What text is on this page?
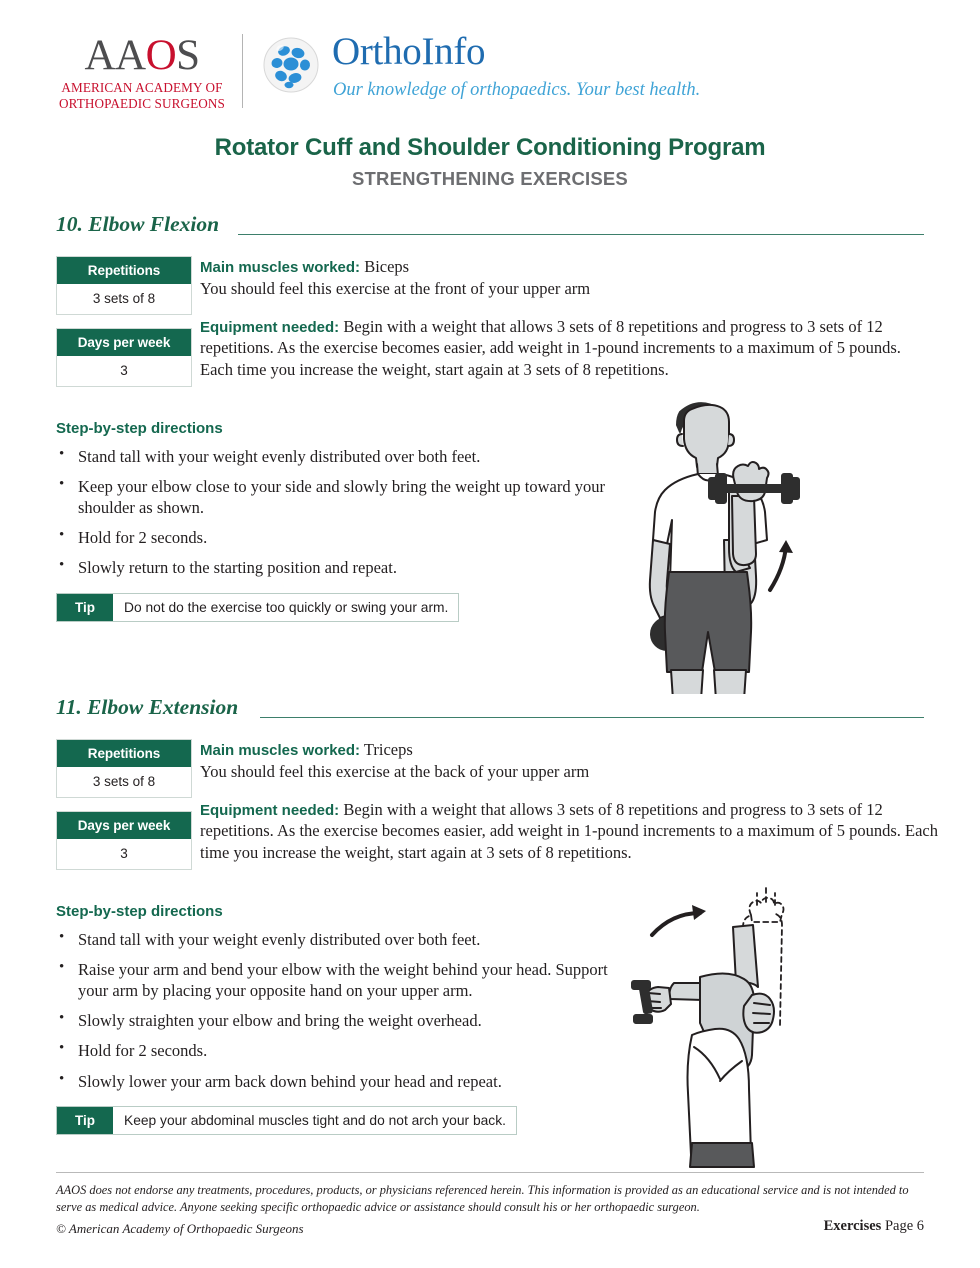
AAOS
AMERICAN ACADEMY OF
ORTHOPAEDIC SURGEONS
OrthoInfo
Our knowledge of orthopaedics. Your best health.
Rotator Cuff and Shoulder Conditioning Program
STRENGTHENING EXERCISES
10. Elbow Flexion
Repetitions
3 sets of 8
Days per week
3

Main muscles worked: Biceps
You should feel this exercise at the front of your upper arm

Equipment needed: Begin with a weight that allows 3 sets of 8 repetitions and progress to 3 sets of 12 repetitions. As the exercise becomes easier, add weight in 1-pound increments to a maximum of 5 pounds. Each time you increase the weight, start again at 3 sets of 8 repetitions.

Step-by-step directions
• Stand tall with your weight evenly distributed over both feet.
• Keep your elbow close to your side and slowly bring the weight up toward your shoulder as shown.
• Hold for 2 seconds.
• Slowly return to the starting position and repeat.
Tip	Do not do the exercise too quickly or swing your arm.
11. Elbow Extension
Repetitions
3 sets of 8
Days per week
3

Main muscles worked: Triceps
You should feel this exercise at the back of your upper arm

Equipment needed: Begin with a weight that allows 3 sets of 8 repetitions and progress to 3 sets of 12 repetitions. As the exercise becomes easier, add weight in 1-pound increments to a maximum of 5 pounds. Each time you increase the weight, start again at 3 sets of 8 repetitions.

Step-by-step directions
• Stand tall with your weight evenly distributed over both feet.
• Raise your arm and bend your elbow with the weight behind your head. Support your arm by placing your opposite hand on your upper arm.
• Slowly straighten your elbow and bring the weight overhead.
• Hold for 2 seconds.
• Slowly lower your arm back down behind your head and repeat.
Tip	Keep your abdominal muscles tight and do not arch your back.
AAOS does not endorse any treatments, procedures, products, or physicians referenced herein. This information is provided as an educational service and is not intended to serve as medical advice. Anyone seeking specific orthopaedic advice or assistance should consult his or her orthopaedic surgeon.
© American Academy of Orthopaedic Surgeons	Exercises Page 6
